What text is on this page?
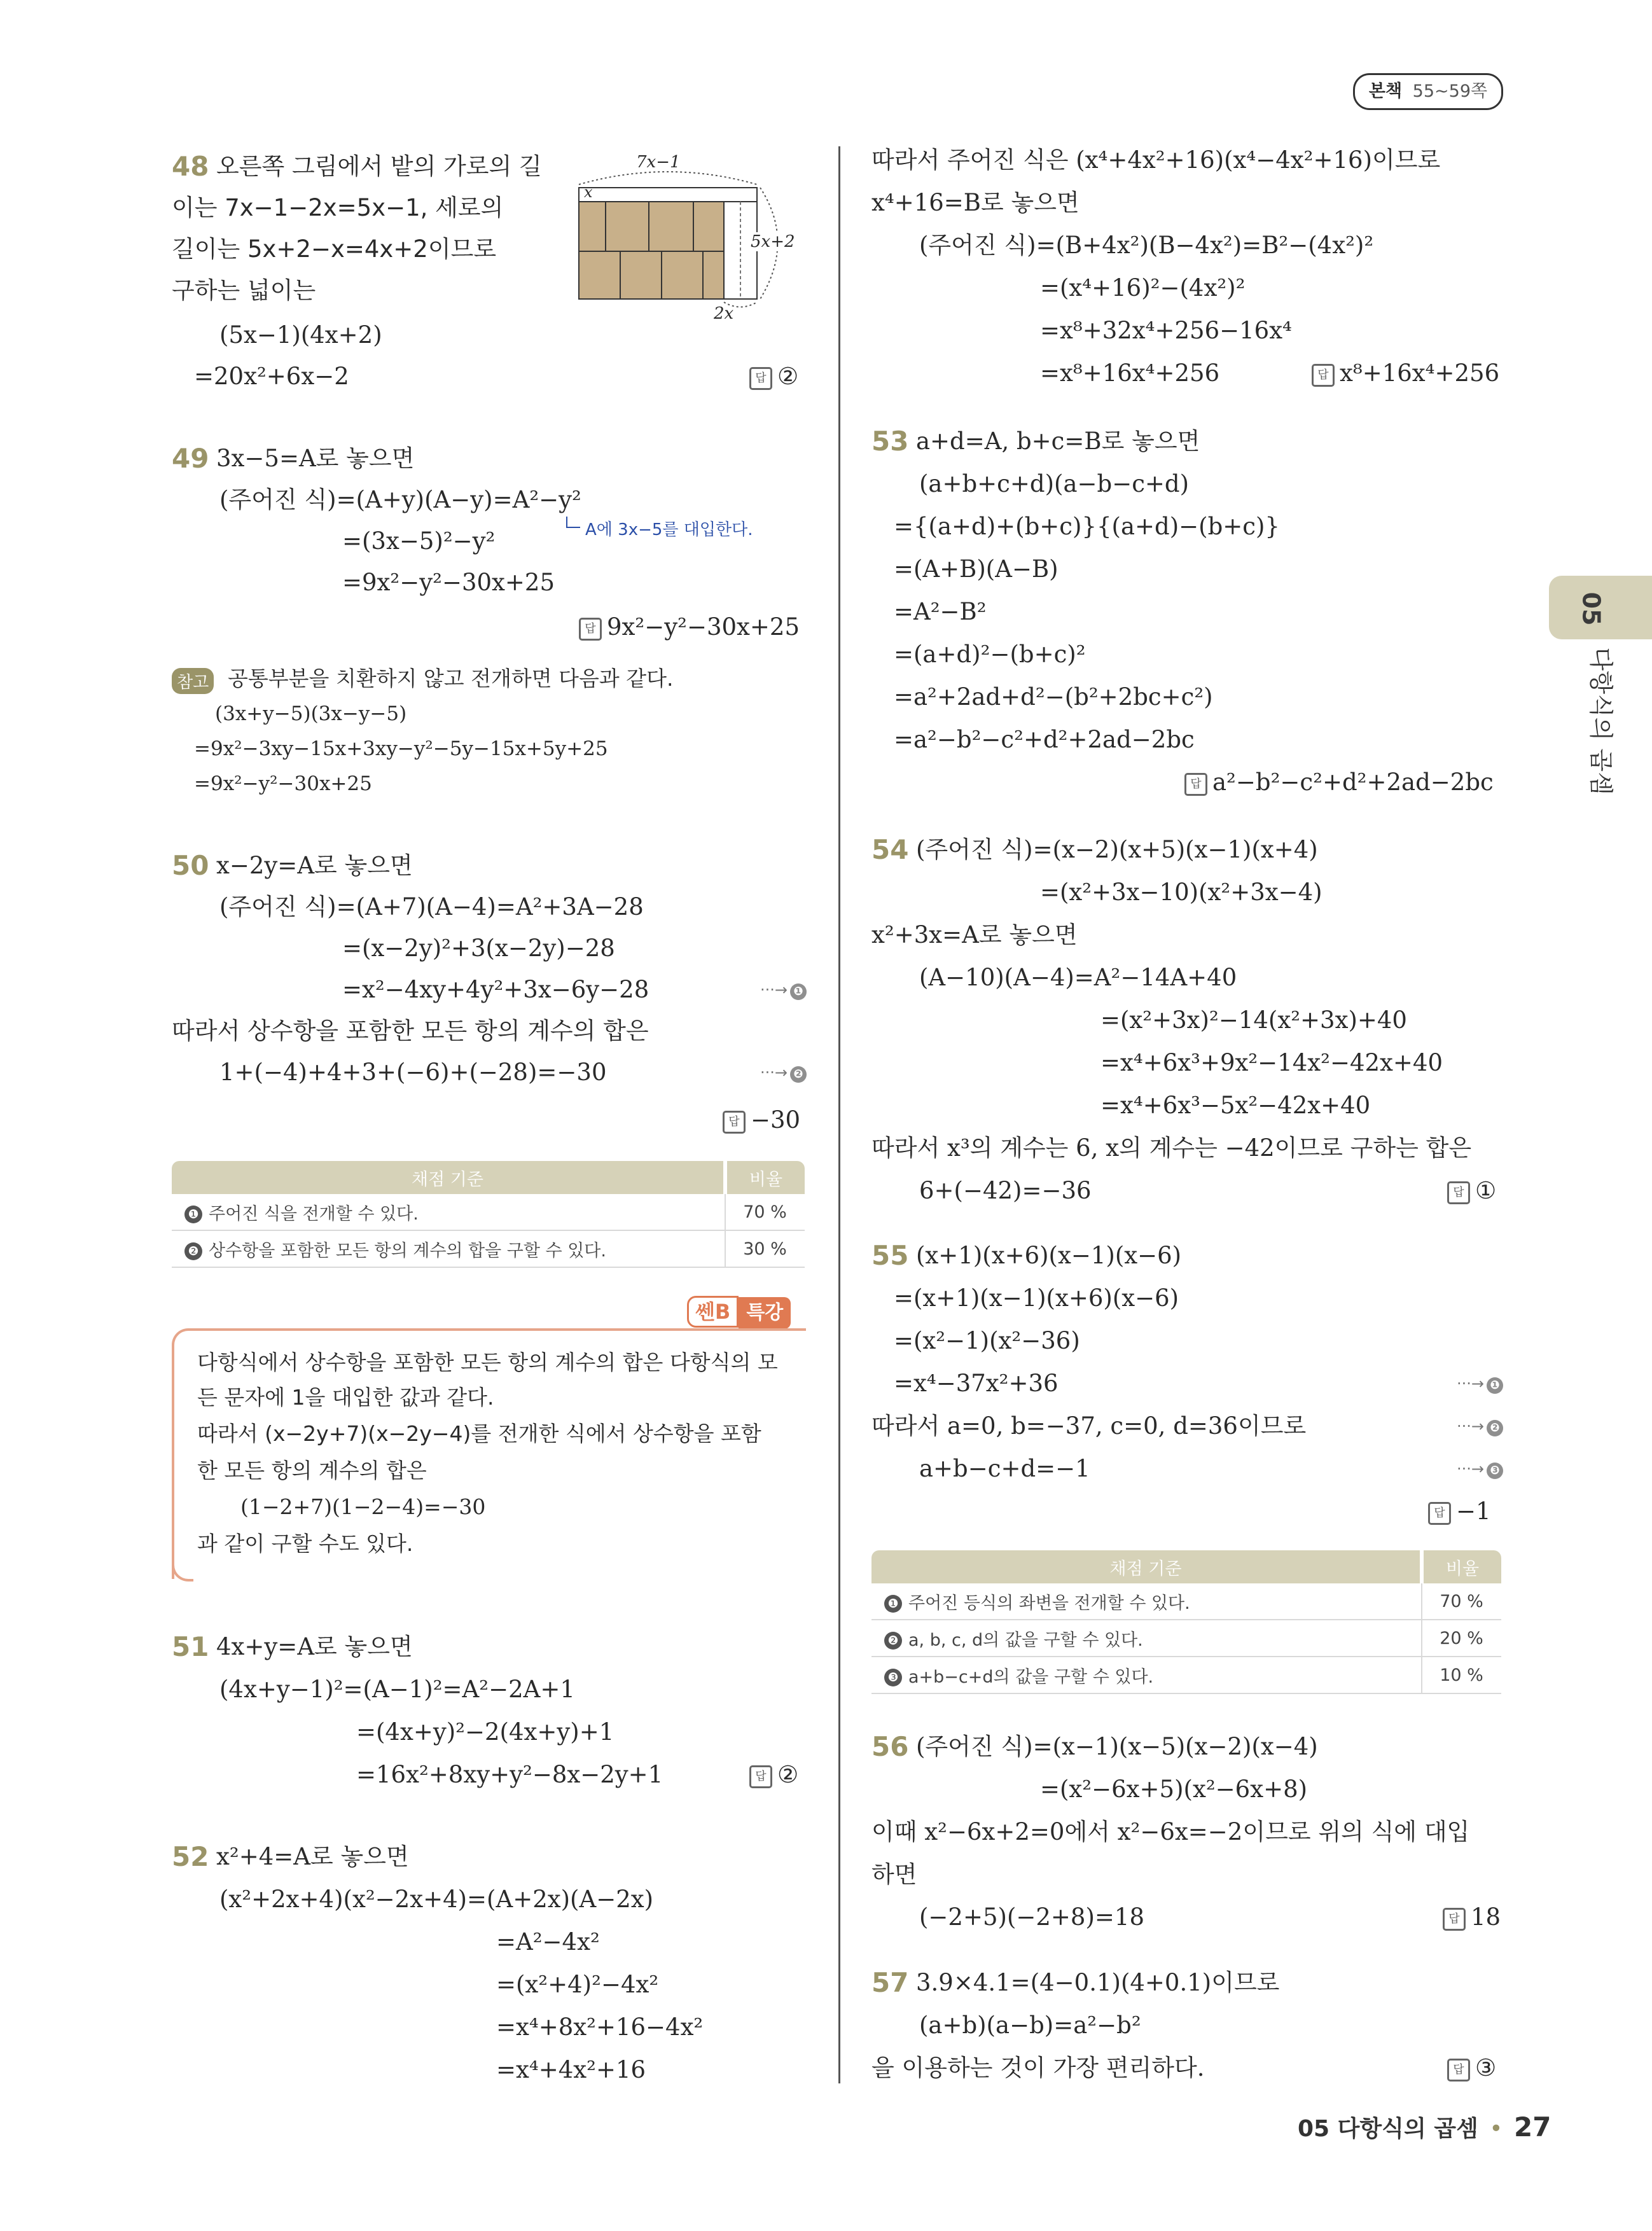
본책 55~59쪽
05
다항식의 곱셈
48 오른쪽 그림에서 밭의 가로의 길
이는 7x−1−2x=5x−1, 세로의
길이는 5x+2−x=4x+2이므로
구하는 넓이는
(5x−1)(4x+2)
=20x²+6x−2	답 ②
7x−1
x
5x+2
2x
49 3x−5=A로 놓으면
(주어진 식)=(A+y)(A−y)=A²−y²
A에 3x−5를 대입한다.
=(3x−5)²−y²
=9x²−y²−30x+25
답 9x²−y²−30x+25
참고 공통부분을 치환하지 않고 전개하면 다음과 같다.
(3x+y−5)(3x−y−5)
=9x²−3xy−15x+3xy−y²−5y−15x+5y+25
=9x²−y²−30x+25
50 x−2y=A로 놓으면
(주어진 식)=(A+7)(A−4)=A²+3A−28
=(x−2y)²+3(x−2y)−28
=x²−4xy+4y²+3x−6y−28	···→ ❶
따라서 상수항을 포함한 모든 항의 계수의 합은
1+(−4)+4+3+(−6)+(−28)=−30	···→ ❷
답 −30
채점 기준	비율
❶ 주어진 식을 전개할 수 있다.	70 %
❷ 상수항을 포함한 모든 항의 계수의 합을 구할 수 있다.	30 %
쎈B 특강
다항식에서 상수항을 포함한 모든 항의 계수의 합은 다항식의 모
든 문자에 1을 대입한 값과 같다.
따라서 (x−2y+7)(x−2y−4)를 전개한 식에서 상수항을 포함
한 모든 항의 계수의 합은
(1−2+7)(1−2−4)=−30
과 같이 구할 수도 있다.
51 4x+y=A로 놓으면
(4x+y−1)²=(A−1)²=A²−2A+1
=(4x+y)²−2(4x+y)+1
=16x²+8xy+y²−8x−2y+1	답 ②
52 x²+4=A로 놓으면
(x²+2x+4)(x²−2x+4)=(A+2x)(A−2x)
=A²−4x²
=(x²+4)²−4x²
=x⁴+8x²+16−4x²
=x⁴+4x²+16
따라서 주어진 식은 (x⁴+4x²+16)(x⁴−4x²+16)이므로
x⁴+16=B로 놓으면
(주어진 식)=(B+4x²)(B−4x²)=B²−(4x²)²
=(x⁴+16)²−(4x²)²
=x⁸+32x⁴+256−16x⁴
=x⁸+16x⁴+256	답 x⁸+16x⁴+256
53 a+d=A, b+c=B로 놓으면
(a+b+c+d)(a−b−c+d)
={(a+d)+(b+c)}{(a+d)−(b+c)}
=(A+B)(A−B)
=A²−B²
=(a+d)²−(b+c)²
=a²+2ad+d²−(b²+2bc+c²)
=a²−b²−c²+d²+2ad−2bc
답 a²−b²−c²+d²+2ad−2bc
54 (주어진 식)=(x−2)(x+5)(x−1)(x+4)
=(x²+3x−10)(x²+3x−4)
x²+3x=A로 놓으면
(A−10)(A−4)=A²−14A+40
=(x²+3x)²−14(x²+3x)+40
=x⁴+6x³+9x²−14x²−42x+40
=x⁴+6x³−5x²−42x+40
따라서 x³의 계수는 6, x의 계수는 −42이므로 구하는 합은
6+(−42)=−36	답 ①
55 (x+1)(x+6)(x−1)(x−6)
=(x+1)(x−1)(x+6)(x−6)
=(x²−1)(x²−36)
=x⁴−37x²+36	···→ ❶
따라서 a=0, b=−37, c=0, d=36이므로	···→ ❷
a+b−c+d=−1	···→ ❸
답 −1
채점 기준	비율
❶ 주어진 등식의 좌변을 전개할 수 있다.	70 %
❷ a, b, c, d의 값을 구할 수 있다.	20 %
❸ a+b−c+d의 값을 구할 수 있다.	10 %
56 (주어진 식)=(x−1)(x−5)(x−2)(x−4)
=(x²−6x+5)(x²−6x+8)
이때 x²−6x+2=0에서 x²−6x=−2이므로 위의 식에 대입
하면
(−2+5)(−2+8)=18	답 18
57 3.9×4.1=(4−0.1)(4+0.1)이므로
(a+b)(a−b)=a²−b²
을 이용하는 것이 가장 편리하다.	답 ③
05 다항식의 곱셈 • 27
